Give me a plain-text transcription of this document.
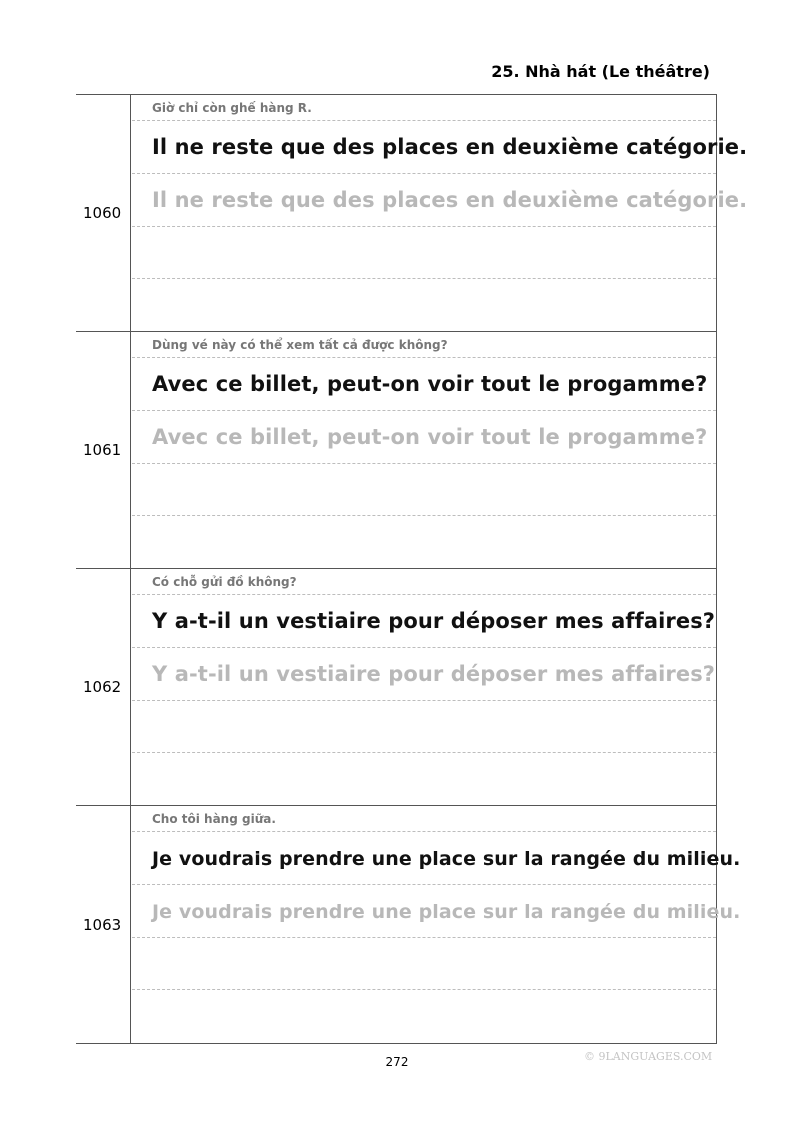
25. Nhà hát (Le théâtre)
1060
Giờ chỉ còn ghế hàng R.
Il ne reste que des places en deuxième catégorie.
Il ne reste que des places en deuxième catégorie.
1061
Dùng vé này có thể xem tất cả được không?
Avec ce billet, peut-on voir tout le progamme?
Avec ce billet, peut-on voir tout le progamme?
1062
Có chỗ gửi đồ không?
Y a-t-il un vestiaire pour déposer mes affaires?
Y a-t-il un vestiaire pour déposer mes affaires?
1063
Cho tôi hàng giữa.
Je voudrais prendre une place sur la rangée du milieu.
Je voudrais prendre une place sur la rangée du milieu.
272	© 9LANGUAGES.COM
